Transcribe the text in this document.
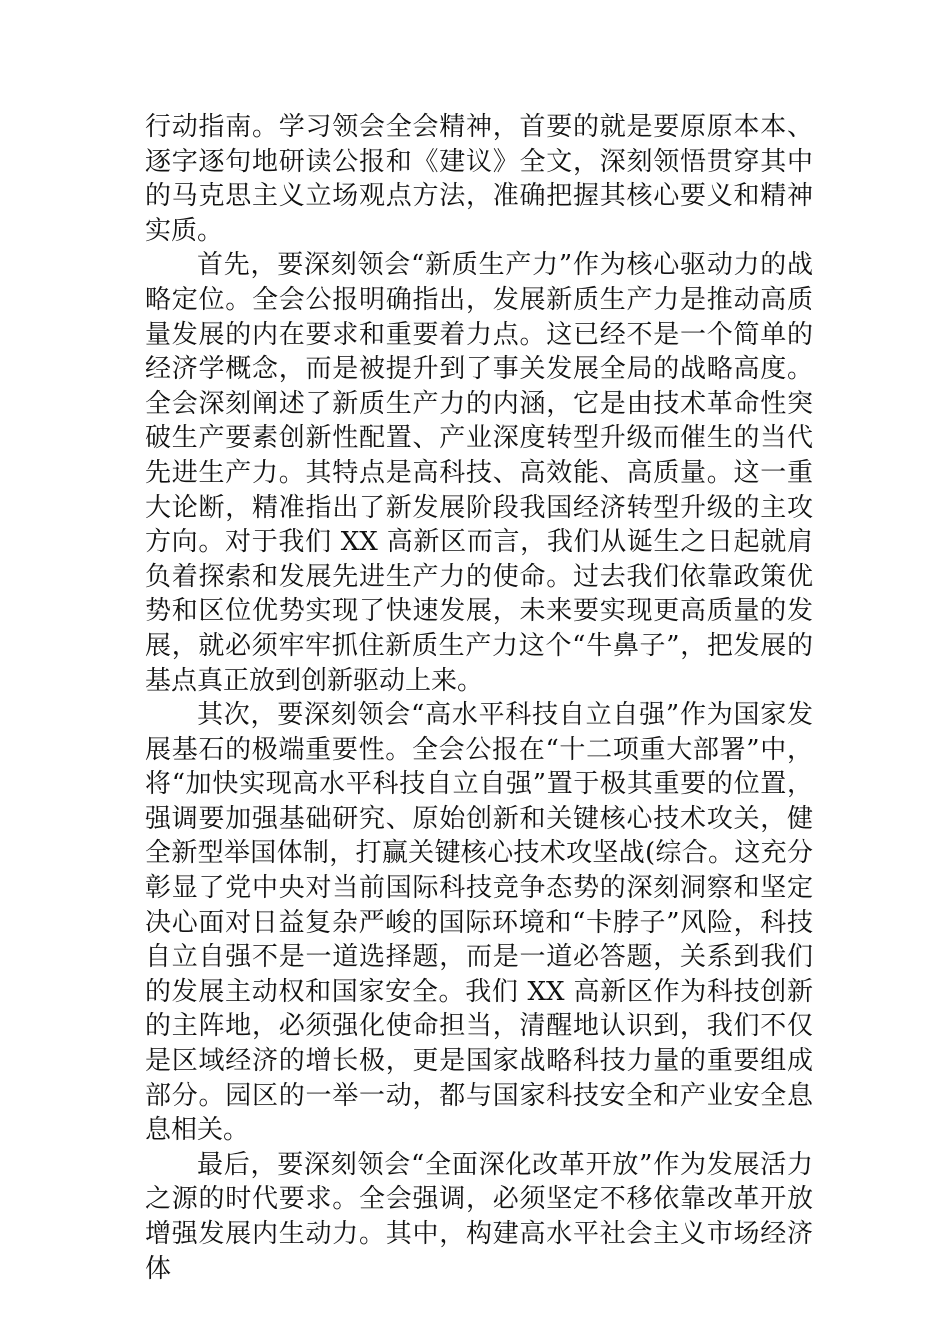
行动指南。学习领会全会精神，首要的就是要原原本本、逐字逐句地研读公报和《建议》全文，深刻领悟贯穿其中的马克思主义立场观点方法，准确把握其核心要义和精神实质。

首先，要深刻领会“新质生产力”作为核心驱动力的战略定位。全会公报明确指出，发展新质生产力是推动高质量发展的内在要求和重要着力点。这已经不是一个简单的经济学概念，而是被提升到了事关发展全局的战略高度。全会深刻阐述了新质生产力的内涵，它是由技术革命性突破生产要素创新性配置、产业深度转型升级而催生的当代先进生产力。其特点是高科技、高效能、高质量。这一重大论断，精准指出了新发展阶段我国经济转型升级的主攻方向。对于我们 XX 高新区而言，我们从诞生之日起就肩负着探索和发展先进生产力的使命。过去我们依靠政策优势和区位优势实现了快速发展，未来要实现更高质量的发展，就必须牢牢抓住新质生产力这个“牛鼻子”，把发展的基点真正放到创新驱动上来。

其次，要深刻领会“高水平科技自立自强”作为国家发展基石的极端重要性。全会公报在“十二项重大部署”中，将“加快实现高水平科技自立自强”置于极其重要的位置，强调要加强基础研究、原始创新和关键核心技术攻关，健全新型举国体制，打赢关键核心技术攻坚战(综合。这充分彰显了党中央对当前国际科技竞争态势的深刻洞察和坚定决心面对日益复杂严峻的国际环境和“卡脖子”风险，科技自立自强不是一道选择题，而是一道必答题，关系到我们的发展主动权和国家安全。我们 XX 高新区作为科技创新的主阵地，必须强化使命担当，清醒地认识到，我们不仅是区域经济的增长极，更是国家战略科技力量的重要组成部分。园区的一举一动，都与国家科技安全和产业安全息息相关。

最后，要深刻领会“全面深化改革开放”作为发展活力之源的时代要求。全会强调，必须坚定不移依靠改革开放增强发展内生动力。其中，构建高水平社会主义市场经济体
